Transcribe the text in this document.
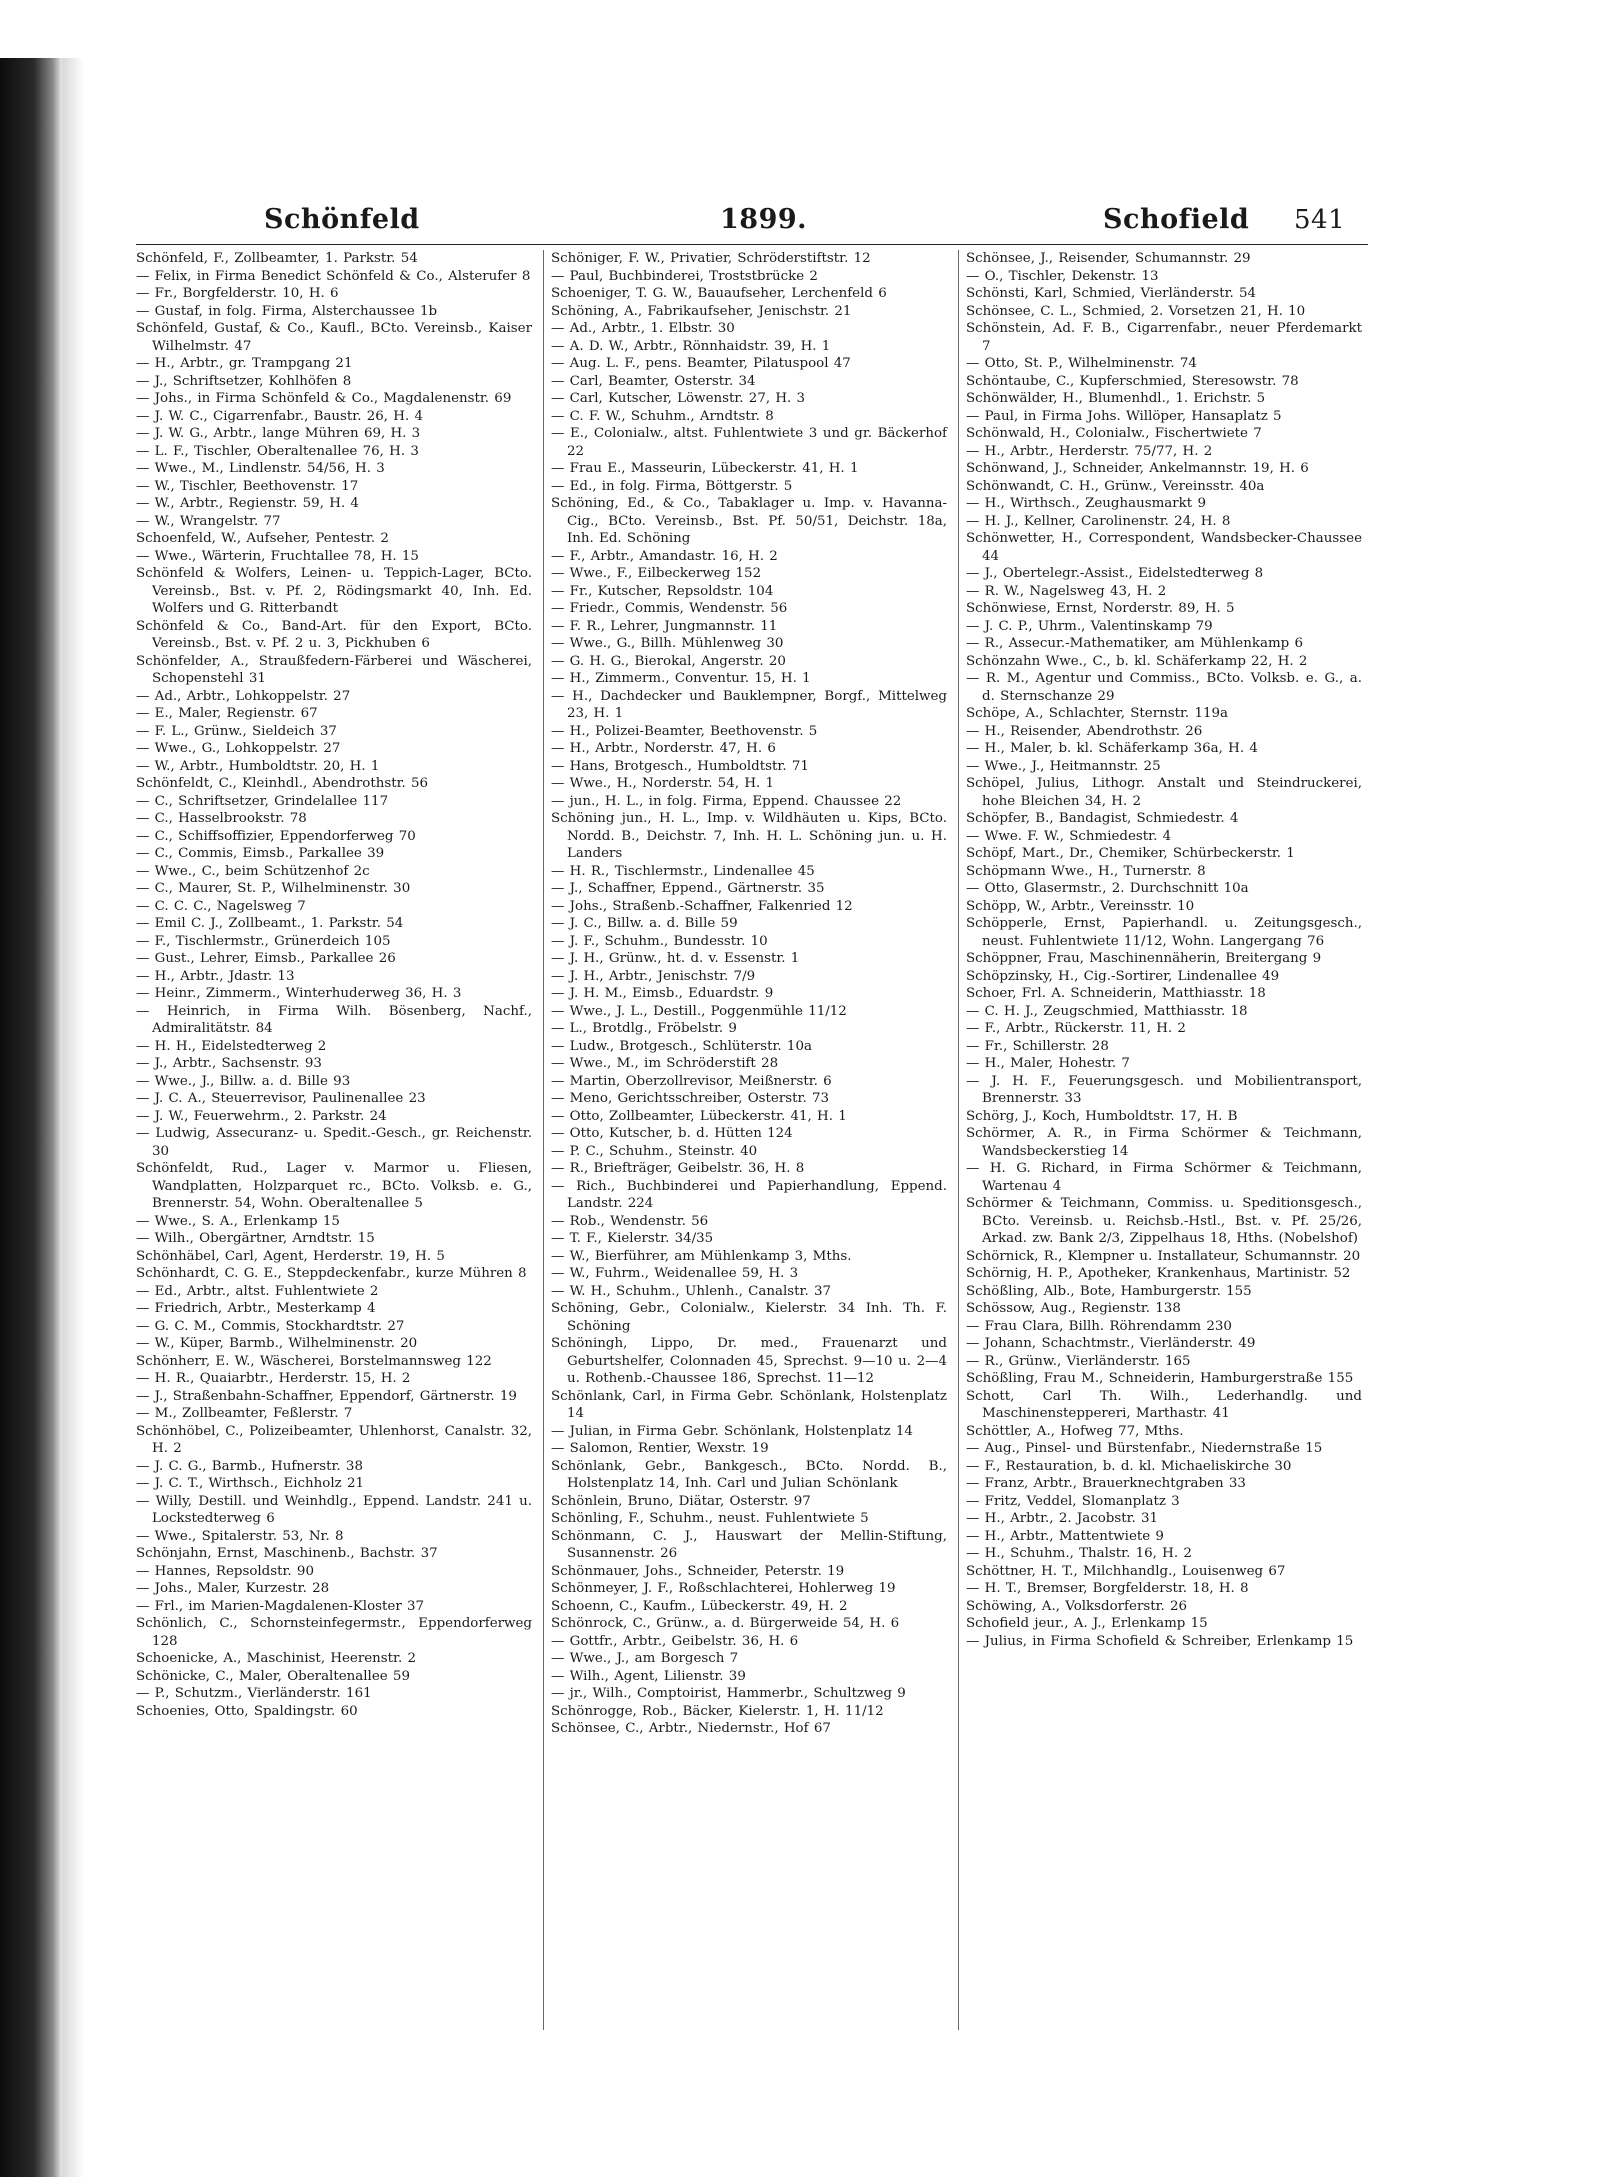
Schönfeld	1899.	Schofield 541
Schönfeld, F., Zollbeamter, 1. Parkstr. 54
— Felix, in Firma Benedict Schönfeld & Co., Alsterufer 8
— Fr., Borgfelderstr. 10, H. 6
— Gustaf, in folg. Firma, Alsterchaussee 1b
Schönfeld, Gustaf, & Co., Kaufl., BCto. Vereinsb., Kaiser Wilhelmstr. 47
— H., Arbtr., gr. Trampgang 21
— J., Schriftsetzer, Kohlhöfen 8
— Johs., in Firma Schönfeld & Co., Magdalenenstr. 69
— J. W. C., Cigarrenfabr., Baustr. 26, H. 4
— J. W. G., Arbtr., lange Mühren 69, H. 3
— L. F., Tischler, Oberaltenallee 76, H. 3
— Wwe., M., Lindlenstr. 54/56, H. 3
— W., Tischler, Beethovenstr. 17
— W., Arbtr., Regienstr. 59, H. 4
— W., Wrangelstr. 77
Schoenfeld, W., Aufseher, Pentestr. 2
— Wwe., Wärterin, Fruchtallee 78, H. 15
Schönfeld & Wolfers, Leinen- u. Teppich-Lager, BCto. Vereinsb., Bst. v. Pf. 2, Rödingsmarkt 40, Inh. Ed. Wolfers und G. Ritterbandt
Schönfeld & Co., Band-Art. für den Export, BCto. Vereinsb., Bst. v. Pf. 2 u. 3, Pickhuben 6
Schönfelder, A., Straußfedern-Färberei und Wäscherei, Schopenstehl 31
— Ad., Arbtr., Lohkoppelstr. 27
— E., Maler, Regienstr. 67
— F. L., Grünw., Sieldeich 37
— Wwe., G., Lohkoppelstr. 27
— W., Arbtr., Humboldtstr. 20, H. 1
Schönfeldt, C., Kleinhdl., Abendrothstr. 56
— C., Schriftsetzer, Grindelallee 117
— C., Hasselbrookstr. 78
— C., Schiffsoffizier, Eppendorferweg 70
— C., Commis, Eimsb., Parkallee 39
— Wwe., C., beim Schützenhof 2c
— C., Maurer, St. P., Wilhelminenstr. 30
— C. C. C., Nagelsweg 7
— Emil C. J., Zollbeamt., 1. Parkstr. 54
— F., Tischlermstr., Grünerdeich 105
— Gust., Lehrer, Eimsb., Parkallee 26
— H., Arbtr., Jdastr. 13
— Heinr., Zimmerm., Winterhuderweg 36, H. 3
— Heinrich, in Firma Wilh. Bösenberg, Nachf., Admiralitätstr. 84
— H. H., Eidelstedterweg 2
— J., Arbtr., Sachsenstr. 93
— Wwe., J., Billw. a. d. Bille 93
— J. C. A., Steuerrevisor, Paulinenallee 23
— J. W., Feuerwehrm., 2. Parkstr. 24
— Ludwig, Assecuranz- u. Spedit.-Gesch., gr. Reichenstr. 30
Schönfeldt, Rud., Lager v. Marmor u. Fliesen, Wandplatten, Holzparquet rc., BCto. Volksb. e. G., Brennerstr. 54, Wohn. Oberaltenallee 5
— Wwe., S. A., Erlenkamp 15
— Wilh., Obergärtner, Arndtstr. 15
Schönhäbel, Carl, Agent, Herderstr. 19, H. 5
Schönhardt, C. G. E., Steppdeckenfabr., kurze Mühren 8
— Ed., Arbtr., altst. Fuhlentwiete 2
— Friedrich, Arbtr., Mesterkamp 4
— G. C. M., Commis, Stockhardtstr. 27
— W., Küper, Barmb., Wilhelminenstr. 20
Schönherr, E. W., Wäscherei, Borstelmannsweg 122
— H. R., Quaiarbtr., Herderstr. 15, H. 2
— J., Straßenbahn-Schaffner, Eppendorf, Gärtnerstr. 19
— M., Zollbeamter, Feßlerstr. 7
Schönhöbel, C., Polizeibeamter, Uhlenhorst, Canalstr. 32, H. 2
— J. C. G., Barmb., Hufnerstr. 38
— J. C. T., Wirthsch., Eichholz 21
— Willy, Destill. und Weinhdlg., Eppend. Landstr. 241 u. Lockstedterweg 6
— Wwe., Spitalerstr. 53, Nr. 8
Schönjahn, Ernst, Maschinenb., Bachstr. 37
— Hannes, Repsoldstr. 90
— Johs., Maler, Kurzestr. 28
— Frl., im Marien-Magdalenen-Kloster 37
Schönlich, C., Schornsteinfegermstr., Eppendorferweg 128
Schoenicke, A., Maschinist, Heerenstr. 2
Schönicke, C., Maler, Oberaltenallee 59
— P., Schutzm., Vierländerstr. 161
Schoenies, Otto, Spaldingstr. 60
Schöniger, F. W., Privatier, Schröderstiftstr. 12
— Paul, Buchbinderei, Troststbrücke 2
Schoeniger, T. G. W., Bauaufseher, Lerchenfeld 6
Schöning, A., Fabrikaufseher, Jenischstr. 21
— Ad., Arbtr., 1. Elbstr. 30
— A. D. W., Arbtr., Rönnhaidstr. 39, H. 1
— Aug. L. F., pens. Beamter, Pilatuspool 47
— Carl, Beamter, Osterstr. 34
— Carl, Kutscher, Löwenstr. 27, H. 3
— C. F. W., Schuhm., Arndtstr. 8
— E., Colonialw., altst. Fuhlentwiete 3 und gr. Bäckerhof 22
— Frau E., Masseurin, Lübeckerstr. 41, H. 1
— Ed., in folg. Firma, Böttgerstr. 5
Schöning, Ed., & Co., Tabaklager u. Imp. v. Havanna-Cig., BCto. Vereinsb., Bst. Pf. 50/51, Deichstr. 18a, Inh. Ed. Schöning
— F., Arbtr., Amandastr. 16, H. 2
— Wwe., F., Eilbeckerweg 152
— Fr., Kutscher, Repsoldstr. 104
— Friedr., Commis, Wendenstr. 56
— F. R., Lehrer, Jungmannstr. 11
— Wwe., G., Billh. Mühlenweg 30
— G. H. G., Bierokal, Angerstr. 20
— H., Zimmerm., Conventur. 15, H. 1
— H., Dachdecker und Bauklempner, Borgf., Mittelweg 23, H. 1
— H., Polizei-Beamter, Beethovenstr. 5
— H., Arbtr., Norderstr. 47, H. 6
— Hans, Brotgesch., Humboldtstr. 71
— Wwe., H., Norderstr. 54, H. 1
— jun., H. L., in folg. Firma, Eppend. Chaussee 22
Schöning jun., H. L., Imp. v. Wildhäuten u. Kips, BCto. Nordd. B., Deichstr. 7, Inh. H. L. Schöning jun. u. H. Landers
— H. R., Tischlermstr., Lindenallee 45
— J., Schaffner, Eppend., Gärtnerstr. 35
— Johs., Straßenb.-Schaffner, Falkenried 12
— J. C., Billw. a. d. Bille 59
— J. F., Schuhm., Bundesstr. 10
— J. H., Grünw., ht. d. v. Essenstr. 1
— J. H., Arbtr., Jenischstr. 7/9
— J. H. M., Eimsb., Eduardstr. 9
— Wwe., J. L., Destill., Poggenmühle 11/12
— L., Brotdlg., Fröbelstr. 9
— Ludw., Brotgesch., Schlüterstr. 10a
— Wwe., M., im Schröderstift 28
— Martin, Oberzollrevisor, Meißnerstr. 6
— Meno, Gerichtsschreiber, Osterstr. 73
— Otto, Zollbeamter, Lübeckerstr. 41, H. 1
— Otto, Kutscher, b. d. Hütten 124
— P. C., Schuhm., Steinstr. 40
— R., Briefträger, Geibelstr. 36, H. 8
— Rich., Buchbinderei und Papierhandlung, Eppend. Landstr. 224
— Rob., Wendenstr. 56
— T. F., Kielerstr. 34/35
— W., Bierführer, am Mühlenkamp 3, Mths.
— W., Fuhrm., Weidenallee 59, H. 3
— W. H., Schuhm., Uhlenh., Canalstr. 37
Schöning, Gebr., Colonialw., Kielerstr. 34 Inh. Th. F. Schöning
Schöningh, Lippo, Dr. med., Frauenarzt und Geburtshelfer, Colonnaden 45, Sprechst. 9—10 u. 2—4 u. Rothenb.-Chaussee 186, Sprechst. 11—12
Schönlank, Carl, in Firma Gebr. Schönlank, Holstenplatz 14
— Julian, in Firma Gebr. Schönlank, Holstenplatz 14
— Salomon, Rentier, Wexstr. 19
Schönlank, Gebr., Bankgesch., BCto. Nordd. B., Holstenplatz 14, Inh. Carl und Julian Schönlank
Schönlein, Bruno, Diätar, Osterstr. 97
Schönling, F., Schuhm., neust. Fuhlentwiete 5
Schönmann, C. J., Hauswart der Mellin-Stiftung, Susannenstr. 26
Schönmauer, Johs., Schneider, Peterstr. 19
Schönmeyer, J. F., Roßschlachterei, Hohlerweg 19
Schoenn, C., Kaufm., Lübeckerstr. 49, H. 2
Schönrock, C., Grünw., a. d. Bürgerweide 54, H. 6
— Gottfr., Arbtr., Geibelstr. 36, H. 6
— Wwe., J., am Borgesch 7
— Wilh., Agent, Lilienstr. 39
— jr., Wilh., Comptoirist, Hammerbr., Schultzweg 9
Schönrogge, Rob., Bäcker, Kielerstr. 1, H. 11/12
Schönsee, C., Arbtr., Niedernstr., Hof 67
Schönsee, J., Reisender, Schumannstr. 29
— O., Tischler, Dekenstr. 13
Schönsti, Karl, Schmied, Vierländerstr. 54
Schönsee, C. L., Schmied, 2. Vorsetzen 21, H. 10
Schönstein, Ad. F. B., Cigarrenfabr., neuer Pferdemarkt 7
— Otto, St. P., Wilhelminenstr. 74
Schöntaube, C., Kupferschmied, Steresowstr. 78
Schönwälder, H., Blumenhdl., 1. Erichstr. 5
— Paul, in Firma Johs. Willöper, Hansaplatz 5
Schönwald, H., Colonialw., Fischertwiete 7
— H., Arbtr., Herderstr. 75/77, H. 2
Schönwand, J., Schneider, Ankelmannstr. 19, H. 6
Schönwandt, C. H., Grünw., Vereinsstr. 40a
— H., Wirthsch., Zeughausmarkt 9
— H. J., Kellner, Carolinenstr. 24, H. 8
Schönwetter, H., Correspondent, Wandsbecker-Chaussee 44
— J., Obertelegr.-Assist., Eidelstedterweg 8
— R. W., Nagelsweg 43, H. 2
Schönwiese, Ernst, Norderstr. 89, H. 5
— J. C. P., Uhrm., Valentinskamp 79
— R., Assecur.-Mathematiker, am Mühlenkamp 6
Schönzahn Wwe., C., b. kl. Schäferkamp 22, H. 2
— R. M., Agentur und Commiss., BCto. Volksb. e. G., a. d. Sternschanze 29
Schöpe, A., Schlachter, Sternstr. 119a
— H., Reisender, Abendrothstr. 26
— H., Maler, b. kl. Schäferkamp 36a, H. 4
— Wwe., J., Heitmannstr. 25
Schöpel, Julius, Lithogr. Anstalt und Steindruckerei, hohe Bleichen 34, H. 2
Schöpfer, B., Bandagist, Schmiedestr. 4
— Wwe. F. W., Schmiedestr. 4
Schöpf, Mart., Dr., Chemiker, Schürbeckerstr. 1
Schöpmann Wwe., H., Turnerstr. 8
— Otto, Glasermstr., 2. Durchschnitt 10a
Schöpp, W., Arbtr., Vereinsstr. 10
Schöpperle, Ernst, Papierhandl. u. Zeitungsgesch., neust. Fuhlentwiete 11/12, Wohn. Langergang 76
Schöppner, Frau, Maschinennäherin, Breitergang 9
Schöpzinsky, H., Cig.-Sortirer, Lindenallee 49
Schoer, Frl. A. Schneiderin, Matthiasstr. 18
— C. H. J., Zeugschmied, Matthiasstr. 18
— F., Arbtr., Rückerstr. 11, H. 2
— Fr., Schillerstr. 28
— H., Maler, Hohestr. 7
— J. H. F., Feuerungsgesch. und Mobilientransport, Brennerstr. 33
Schörg, J., Koch, Humboldtstr. 17, H. B
Schörmer, A. R., in Firma Schörmer & Teichmann, Wandsbeckerstieg 14
— H. G. Richard, in Firma Schörmer & Teichmann, Wartenau 4
Schörmer & Teichmann, Commiss. u. Speditionsgesch., BCto. Vereinsb. u. Reichsb.-Hstl., Bst. v. Pf. 25/26, Arkad. zw. Bank 2/3, Zippelhaus 18, Hths. (Nobelshof)
Schörnick, R., Klempner u. Installateur, Schumannstr. 20
Schörnig, H. P., Apotheker, Krankenhaus, Martinistr. 52
Schößling, Alb., Bote, Hamburgerstr. 155
Schössow, Aug., Regienstr. 138
— Frau Clara, Billh. Röhrendamm 230
— Johann, Schachtmstr., Vierländerstr. 49
— R., Grünw., Vierländerstr. 165
Schößling, Frau M., Schneiderin, Hamburgerstraße 155
Schott, Carl Th. Wilh., Lederhandlg. und Maschinensteppereri, Marthastr. 41
Schöttler, A., Hofweg 77, Mths.
— Aug., Pinsel- und Bürstenfabr., Niedernstraße 15
— F., Restauration, b. d. kl. Michaeliskirche 30
— Franz, Arbtr., Brauerknechtgraben 33
— Fritz, Veddel, Slomanplatz 3
— H., Arbtr., 2. Jacobstr. 31
— H., Arbtr., Mattentwiete 9
— H., Schuhm., Thalstr. 16, H. 2
Schöttner, H. T., Milchhandlg., Louisenweg 67
— H. T., Bremser, Borgfelderstr. 18, H. 8
Schöwing, A., Volksdorferstr. 26
Schofield jeur., A. J., Erlenkamp 15
— Julius, in Firma Schofield & Schreiber, Erlenkamp 15
